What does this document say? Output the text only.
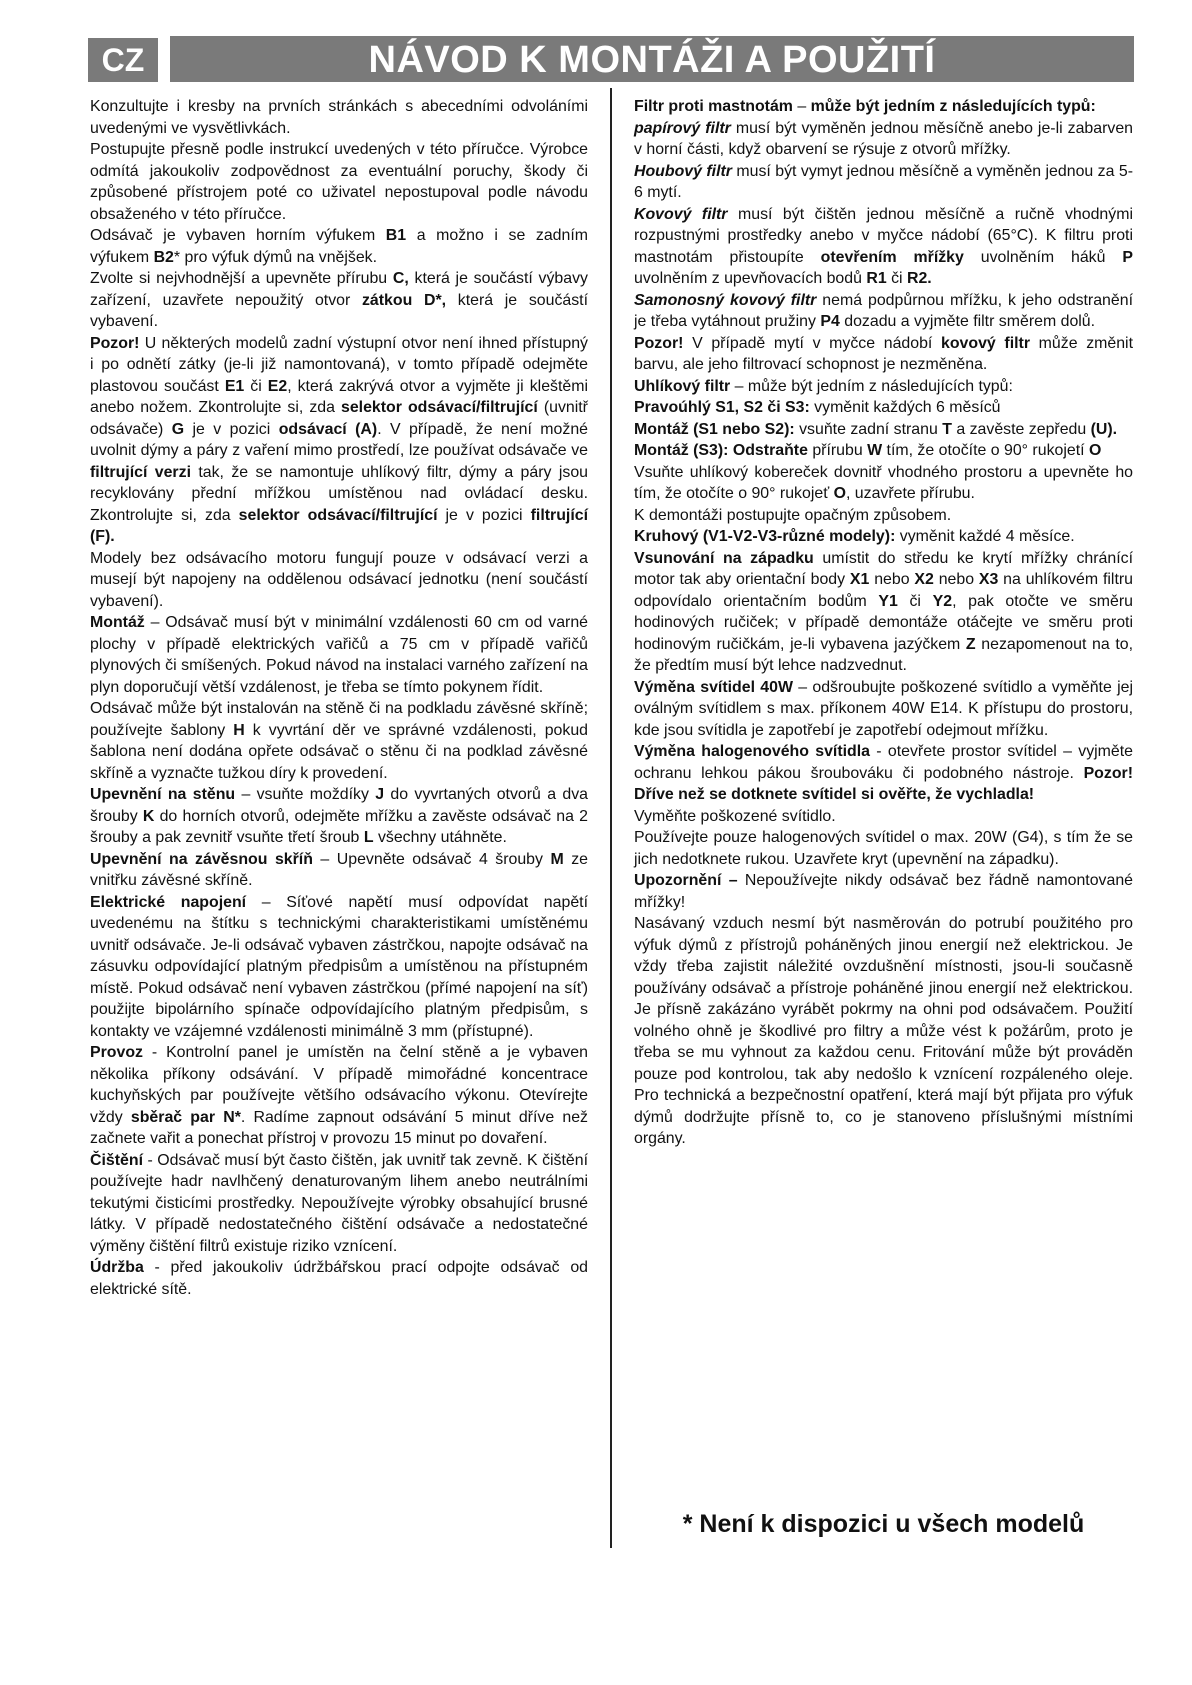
CZ	NÁVOD K MONTÁŽI A POUŽITÍ

Konzultujte i kresby na prvních stránkách s abecedními odvoláními uvedenými ve vysvětlivkách.

Postupujte přesně podle instrukcí uvedených v této příručce. Výrobce odmítá jakoukoliv zodpovědnost za eventuální poruchy, škody či způsobené přístrojem poté co uživatel nepostupoval podle návodu obsaženého v této příručce.

Odsávač je vybaven horním výfukem B1 a možno i se zadním výfukem B2* pro výfuk dýmů na vnějšek.

Zvolte si nejvhodnější a upevněte přírubu C, která je součástí výbavy zařízení, uzavřete nepoužitý otvor zátkou D*, která je součástí vybavení.

Pozor! U některých modelů zadní výstupní otvor není ihned přístupný i po odnětí zátky (je-li již namontovaná), v tomto případě odejměte plastovou součást E1 či E2, která zakrývá otvor a vyjměte ji kleštěmi anebo nožem. Zkontrolujte si, zda selektor odsávací/filtrující (uvnitř odsávače) G je v pozici odsávací (A). V případě, že není možné uvolnit dýmy a páry z vaření mimo prostředí, lze používat odsávače ve filtrující verzi tak, že se namontuje uhlíkový filtr, dýmy a páry jsou recyklovány přední mřížkou umístěnou nad ovládací desku. Zkontrolujte si, zda selektor odsávací/filtrující je v pozici filtrující (F).

Modely bez odsávacího motoru fungují pouze v odsávací verzi a musejí být napojeny na oddělenou odsávací jednotku (není součástí vybavení).

Montáž – Odsávač musí být v minimální vzdálenosti 60 cm od varné plochy v případě elektrických vařičů a 75 cm v případě vařičů plynových či smíšených. Pokud návod na instalaci varného zařízení na plyn doporučují větší vzdálenost, je třeba se tímto pokynem řídit.

Odsávač může být instalován na stěně či na podkladu závěsné skříně; používejte šablony H k vyvrtání děr ve správné vzdálenosti, pokud šablona není dodána opřete odsávač o stěnu či na podklad závěsné skříně a vyznačte tužkou díry k provedení.

Upevnění na stěnu – vsuňte moždíky J do vyvrtaných otvorů a dva šrouby K do horních otvorů, odejměte mřížku a zavěste odsávač na 2 šrouby a pak zevnitř vsuňte třetí šroub L všechny utáhněte.

Upevnění na závěsnou skříň – Upevněte odsávač 4 šrouby M ze vnitřku závěsné skříně.

Elektrické napojení – Síťové napětí musí odpovídat napětí uvedenému na štítku s technickými charakteristikami umístěnému uvnitř odsávače. Je-li odsávač vybaven zástrčkou, napojte odsávač na zásuvku odpovídající platným předpisům a umístěnou na přístupném místě. Pokud odsávač není vybaven zástrčkou (přímé napojení na síť) použijte bipolárního spínače odpovídajícího platným předpisům, s kontakty ve vzájemné vzdálenosti minimálně 3 mm (přístupné).

Provoz - Kontrolní panel je umístěn na čelní stěně a je vybaven několika příkony odsávání. V případě mimořádné koncentrace kuchyňských par používejte většího odsávacího výkonu. Otevírejte vždy sběrač par N*. Radíme zapnout odsávání 5 minut dříve než začnete vařit a ponechat přístroj v provozu 15 minut po dovaření.

Čištění - Odsávač musí být často čištěn, jak uvnitř tak zevně. K čištění používejte hadr navlhčený denaturovaným lihem anebo neutrálními tekutými čisticími prostředky. Nepoužívejte výrobky obsahující brusné látky. V případě nedostatečného čištění odsávače a nedostatečné výměny čištění filtrů existuje riziko vznícení.

Údržba - před jakoukoliv údržbářskou prací odpojte odsávač od elektrické sítě.

Filtr proti mastnotám – může být jedním z následujících typů:

papírový filtr musí být vyměněn jednou měsíčně anebo je-li zabarven v horní části, když obarvení se rýsuje z otvorů mřížky.

Houbový filtr musí být vymyt jednou měsíčně a vyměněn jednou za 5-6 mytí.

Kovový filtr musí být čištěn jednou měsíčně a ručně vhodnými rozpustnými prostředky anebo v myčce nádobí (65°C). K filtru proti mastnotám přistoupíte otevřením mřížky uvolněním háků P uvolněním z upevňovacích bodů R1 či R2.

Samonosný kovový filtr nemá podpůrnou mřížku, k jeho odstranění je třeba vytáhnout pružiny P4 dozadu a vyjměte filtr směrem dolů.

Pozor! V případě mytí v myčce nádobí kovový filtr může změnit barvu, ale jeho filtrovací schopnost je nezměněna.

Uhlíkový filtr – může být jedním z následujících typů:

Pravoúhlý S1, S2 či S3: vyměnit každých 6 měsíců

Montáž (S1 nebo S2): vsuňte zadní stranu T a zavěste zepředu (U).

Montáž (S3): Odstraňte přírubu W tím, že otočíte o 90° rukojetí O

Vsuňte uhlíkový kobereček dovnitř vhodného prostoru a upevněte ho tím, že otočíte o 90° rukojeť O, uzavřete přírubu.

K demontáži postupujte opačným způsobem.

Kruhový (V1-V2-V3-různé modely): vyměnit každé 4 měsíce.

Vsunování na západku umístit do středu ke krytí mřížky chránící motor tak aby orientační body X1 nebo X2 nebo X3 na uhlíkovém filtru odpovídalo orientačním bodům Y1 či Y2, pak otočte ve směru hodinových ručiček; v případě demontáže otáčejte ve směru proti hodinovým ručičkám, je-li vybavena jazýčkem Z nezapomenout na to, že předtím musí být lehce nadzvednut.

Výměna svítidel 40W – odšroubujte poškozené svítidlo a vyměňte jej oválným svítidlem s max. příkonem 40W E14. K přístupu do prostoru, kde jsou svítidla je zapotřebí je zapotřebí odejmout mřížku.

Výměna halogenového svítidla - otevřete prostor svítidel – vyjměte ochranu lehkou pákou šroubováku či podobného nástroje. Pozor! Dříve než se dotknete svítidel si ověřte, že vychladla!

Vyměňte poškozené svítidlo.

Používejte pouze halogenových svítidel o max. 20W (G4), s tím že se jich nedotknete rukou. Uzavřete kryt (upevnění na západku).

Upozornění – Nepoužívejte nikdy odsávač bez řádně namontované mřížky!

Nasávaný vzduch nesmí být nasměrován do potrubí použitého pro výfuk dýmů z přístrojů poháněných jinou energií než elektrickou. Je vždy třeba zajistit náležité ovzdušnění místnosti, jsou-li současně používány odsávač a přístroje poháněné jinou energií než elektrickou. Je přísně zakázáno vyrábět pokrmy na ohni pod odsávačem. Použití volného ohně je škodlivé pro filtry a může vést k požárům, proto je třeba se mu vyhnout za každou cenu. Fritování může být prováděn pouze pod kontrolou, tak aby nedošlo k vznícení rozpáleného oleje. Pro technická a bezpečnostní opatření, která mají být přijata pro výfuk dýmů dodržujte přísně to, co je stanoveno příslušnými místními orgány.

* Není k dispozici u všech modelů
